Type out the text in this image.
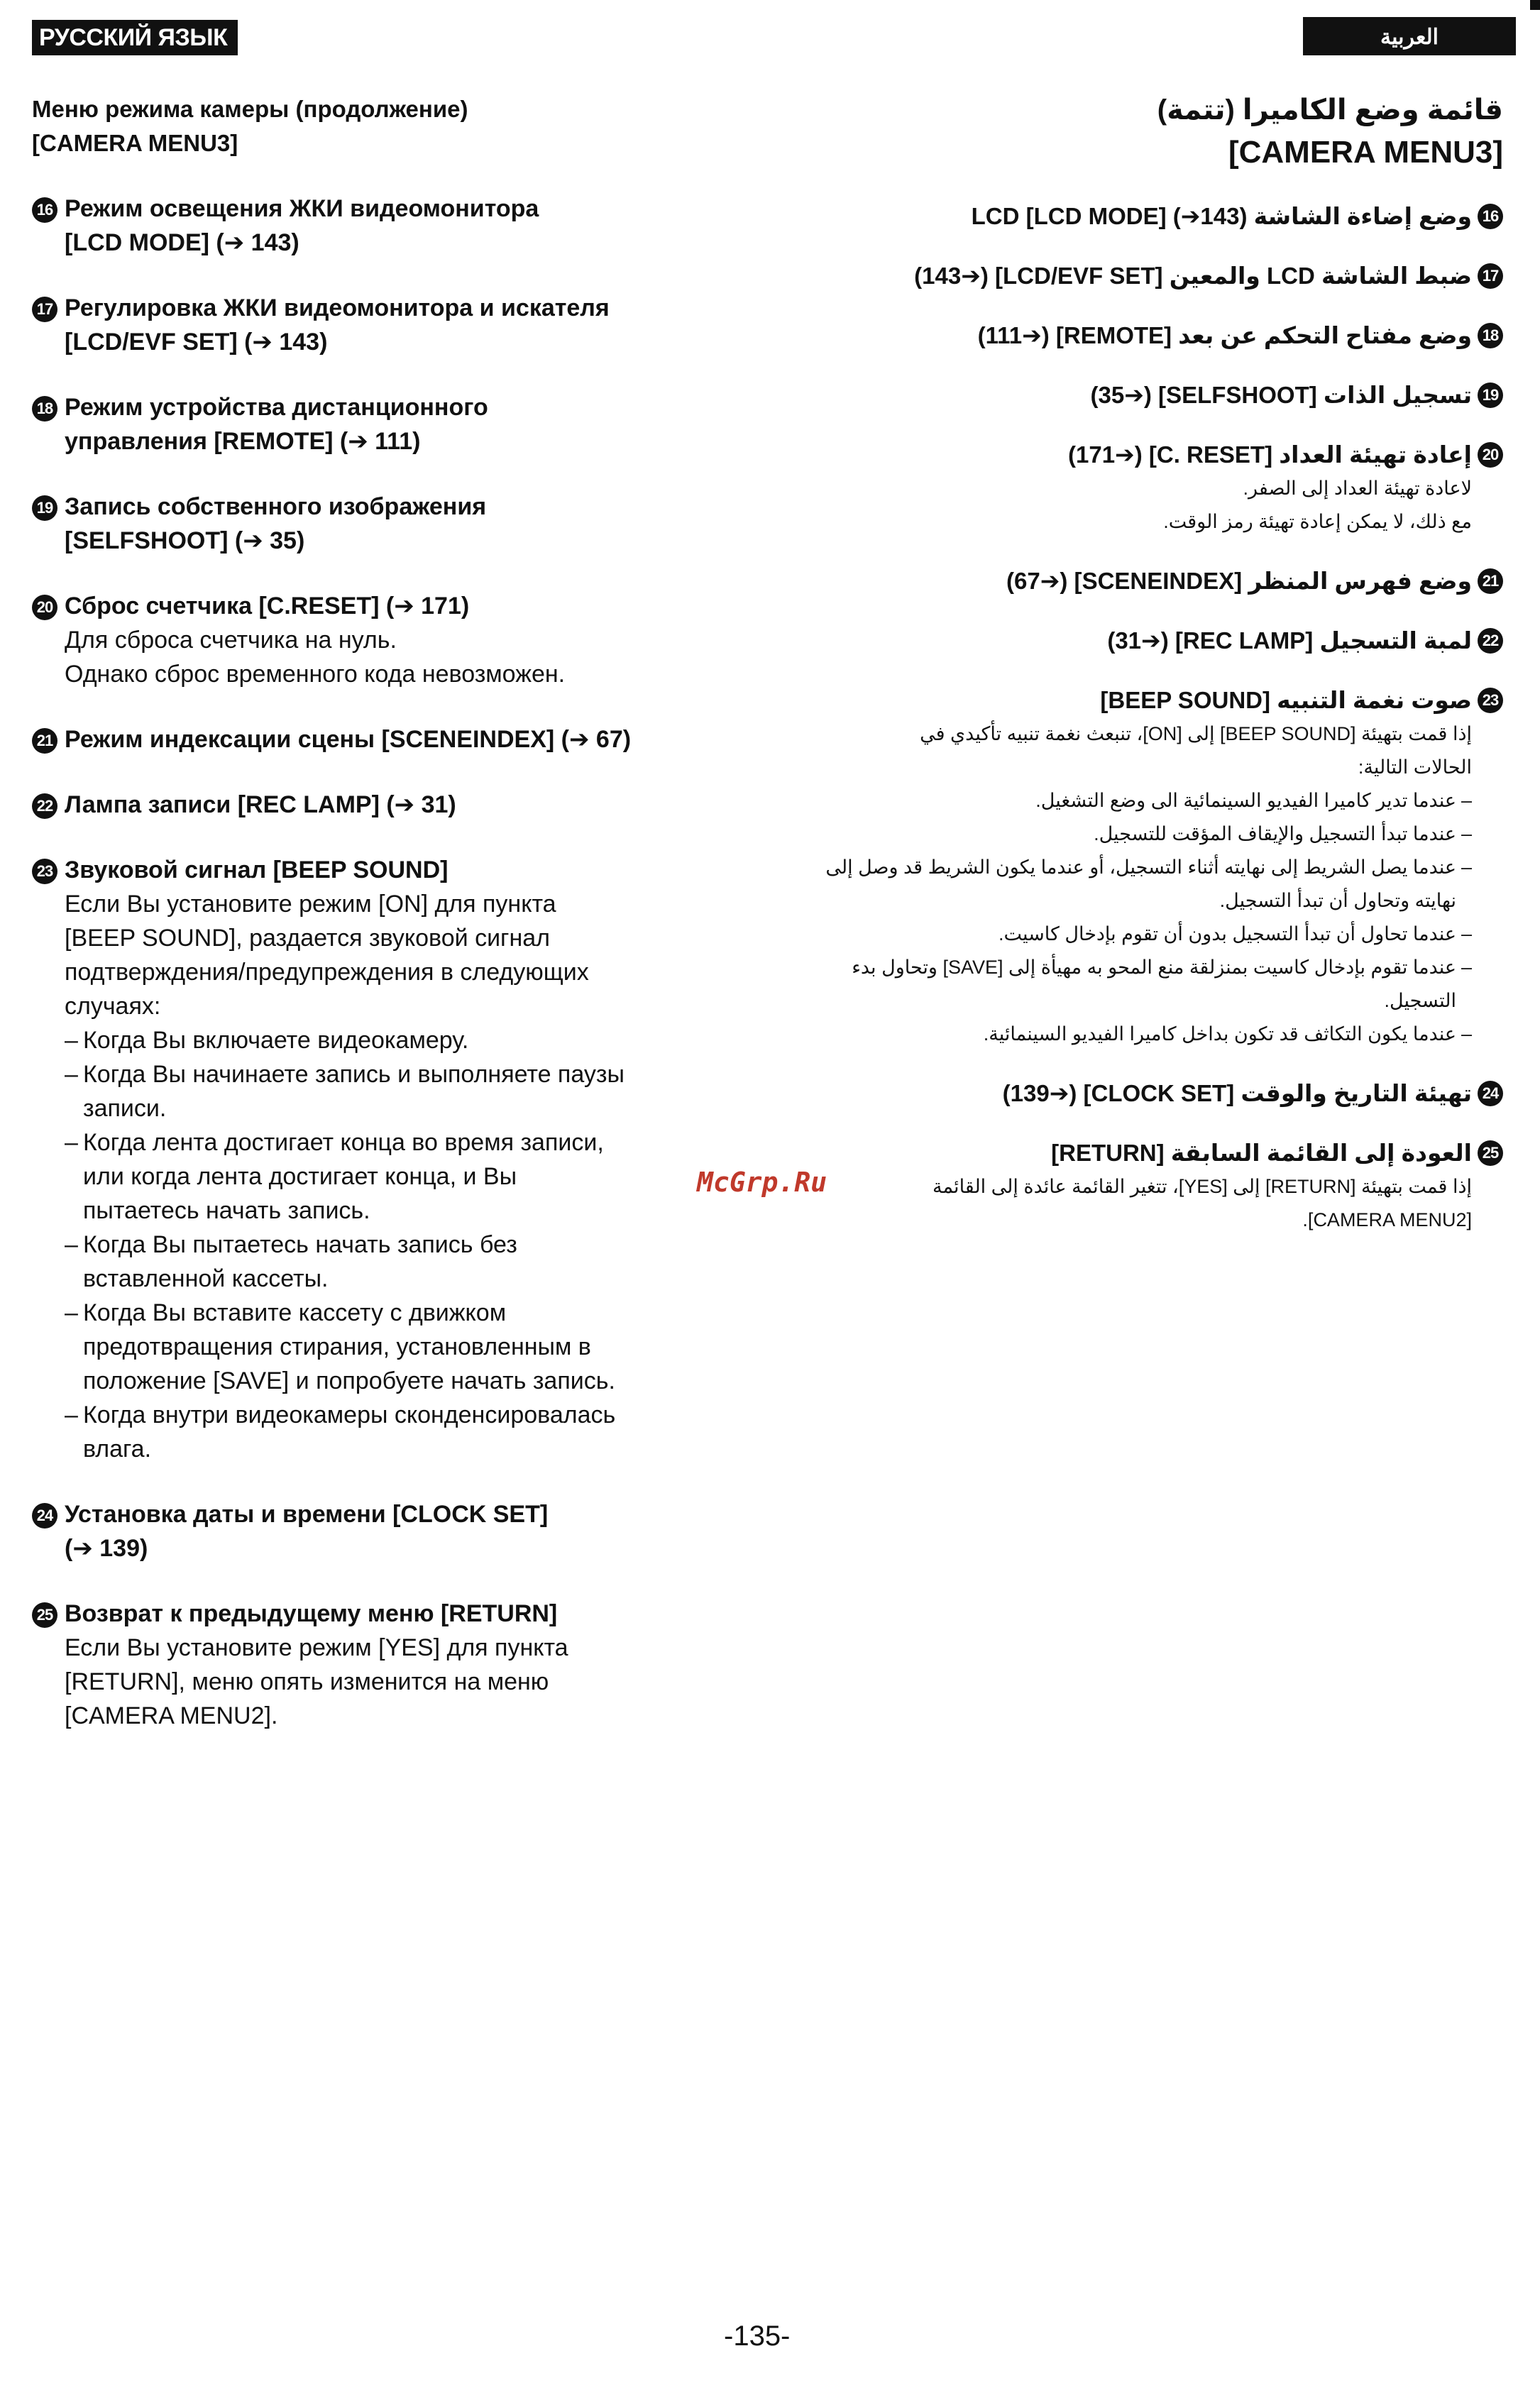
РУССКИЙ ЯЗЫК	العربية
Меню режима камеры (продолжение)
[CAMERA MENU3]
16 Режим освещения ЖКИ видеомонитора
[LCD MODE] (➔ 143)
17 Регулировка ЖКИ видеомонитора и искателя
[LCD/EVF SET] (➔ 143)
18 Режим устройства дистанционного
управления [REMOTE] (➔ 111)
19 Запись собственного изображения
[SELFSHOOT] (➔ 35)
20 Сброс счетчика [C.RESET] (➔ 171)
Для сброса счетчика на нуль.
Однако сброс временного кода невозможен.
21 Режим индексации сцены [SCENEINDEX] (➔ 67)
22 Лампа записи [REC LAMP] (➔ 31)
23 Звуковой сигнал [BEEP SOUND]
Если Вы установите режим [ON] для пункта
[BEEP SOUND], раздается звуковой сигнал
подтверждения/предупреждения в следующих
случаях:
– Когда Вы включаете видеокамеру.
– Когда Вы начинаете запись и выполняете паузы
записи.
– Когда лента достигает конца во время записи,
или когда лента достигает конца, и Вы
пытаетесь начать запись.
– Когда Вы пытаетесь начать запись без
вставленной кассеты.
– Когда Вы вставите кассету с движком
предотвращения стирания, установленным в
положение [SAVE] и попробуете начать запись.
– Когда внутри видеокамеры сконденсировалась
влага.
24 Установка даты и времени [CLOCK SET]
(➔ 139)
25 Возврат к предыдущему меню [RETURN]
Если Вы установите режим [YES] для пункта
[RETURN], меню опять изменится на меню
[CAMERA MENU2].
قائمة وضع الكاميرا (تتمة)
[CAMERA MENU3]
16
وضع إضاءة الشاشة LCD [LCD MODE] (➔143)
17
ضبط الشاشة LCD والمعين [LCD/EVF SET] (➔143)
18
وضع مفتاح التحكم عن بعد [REMOTE] (➔111)
19
تسجيل الذات [SELFSHOOT] (➔35)
20
إعادة تهيئة العداد [C. RESET] (➔171)
لاعادة تهيئة العداد إلى الصفر.
مع ذلك، لا يمكن إعادة تهيئة رمز الوقت.
21
وضع فهرس المنظر [SCENEINDEX] (➔67)
22
لمبة التسجيل [REC LAMP] (➔31)
23
صوت نغمة التنبيه [BEEP SOUND]
إذا قمت بتهيئة [BEEP SOUND] إلى [ON]، تنبعث نغمة تنبيه تأكيدي في
الحالات التالية:
– عندما تدير كاميرا الفيديو السينمائية الى وضع التشغيل.
– عندما تبدأ التسجيل والإيقاف المؤقت للتسجيل.
– عندما يصل الشريط إلى نهايته أثناء التسجيل، أو عندما يكون الشريط قد وصل إلى نهايته وتحاول أن تبدأ التسجيل.
– عندما تحاول أن تبدأ التسجيل بدون أن تقوم بإدخال كاسيت.
– عندما تقوم بإدخال كاسيت بمنزلقة منع المحو به مهيأة إلى [SAVE] وتحاول بدء التسجيل.
– عندما يكون التكاثف قد تكون بداخل كاميرا الفيديو السينمائية.
24
تهيئة التاريخ والوقت [CLOCK SET] (➔139)
25
العودة إلى القائمة السابقة [RETURN]
إذا قمت بتهيئة [RETURN] إلى [YES]، تتغير القائمة عائدة إلى القائمة
[CAMERA MENU2].
McGrp.Ru
-135-
